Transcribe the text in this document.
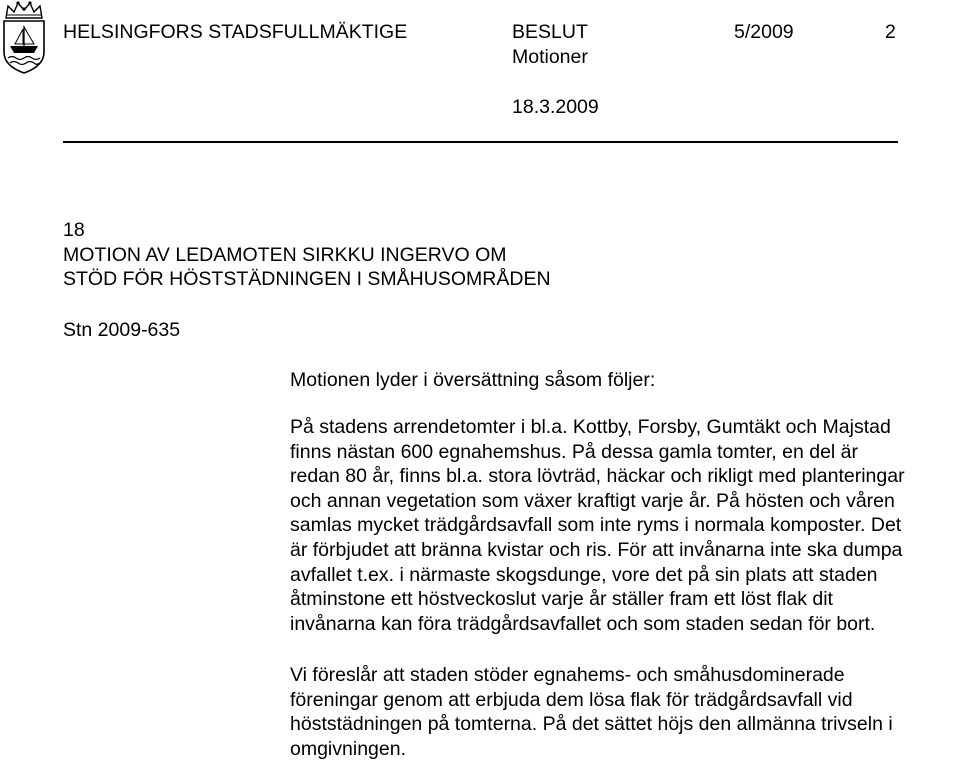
HELSINGFORS STADSFULLMÄKTIGE	BESLUT	5/2009	2
Motioner
18.3.2009
18
MOTION AV LEDAMOTEN SIRKKU INGERVO OM
STÖD FÖR HÖSTSTÄDNINGEN I SMÅHUSOMRÅDEN
Stn 2009-635
Motionen lyder i översättning såsom följer:
På stadens arrendetomter i bl.a. Kottby, Forsby, Gumtäkt och Majstad
finns nästan 600 egnahemshus. På dessa gamla tomter, en del är
redan 80 år, finns bl.a. stora lövträd, häckar och rikligt med planteringar
och annan vegetation som växer kraftigt varje år. På hösten och våren
samlas mycket trädgårdsavfall som inte ryms i normala komposter. Det
är förbjudet att bränna kvistar och ris. För att invånarna inte ska dumpa
avfallet t.ex. i närmaste skogsdunge, vore det på sin plats att staden
åtminstone ett höstveckoslut varje år ställer fram ett löst flak dit
invånarna kan föra trädgårdsavfallet och som staden sedan för bort.
Vi föreslår att staden stöder egnahems- och småhusdominerade
föreningar genom att erbjuda dem lösa flak för trädgårdsavfall vid
höststädningen på tomterna. På det sättet höjs den allmänna trivseln i
omgivningen.
